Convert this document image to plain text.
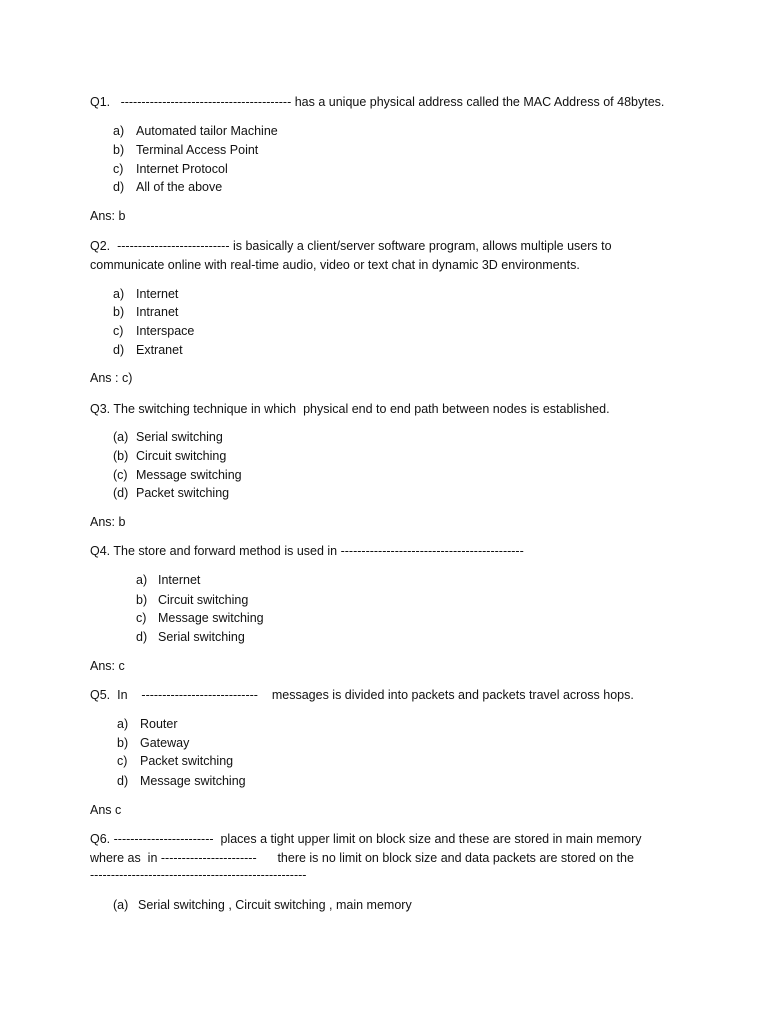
Q1.   ----------------------------------------- has a unique physical address called the MAC Address of 48bytes.
a) Automated tailor Machine
b) Terminal Access Point
c) Internet Protocol
d) All of the above
Ans: b
Q2.  --------------------------- is basically a client/server software program, allows multiple users to
communicate online with real-time audio, video or text chat in dynamic 3D environments.
a) Internet
b) Intranet
c) Interspace
d) Extranet
Ans : c)
Q3. The switching technique in which  physical end to end path between nodes is established.
(a) Serial switching
(b) Circuit switching
(c) Message switching
(d) Packet switching
Ans: b
Q4. The store and forward method is used in --------------------------------------------
a) Internet
b) Circuit switching
c) Message switching
d) Serial switching
Ans: c
Q5.  In    ----------------------------    messages is divided into packets and packets travel across hops.
a) Router
b) Gateway
c) Packet switching
d) Message switching
Ans c
Q6. ------------------------  places a tight upper limit on block size and these are stored in main memory
where as  in -----------------------      there is no limit on block size and data packets are stored on the
----------------------------------------------------
(a) Serial switching , Circuit switching , main memory
